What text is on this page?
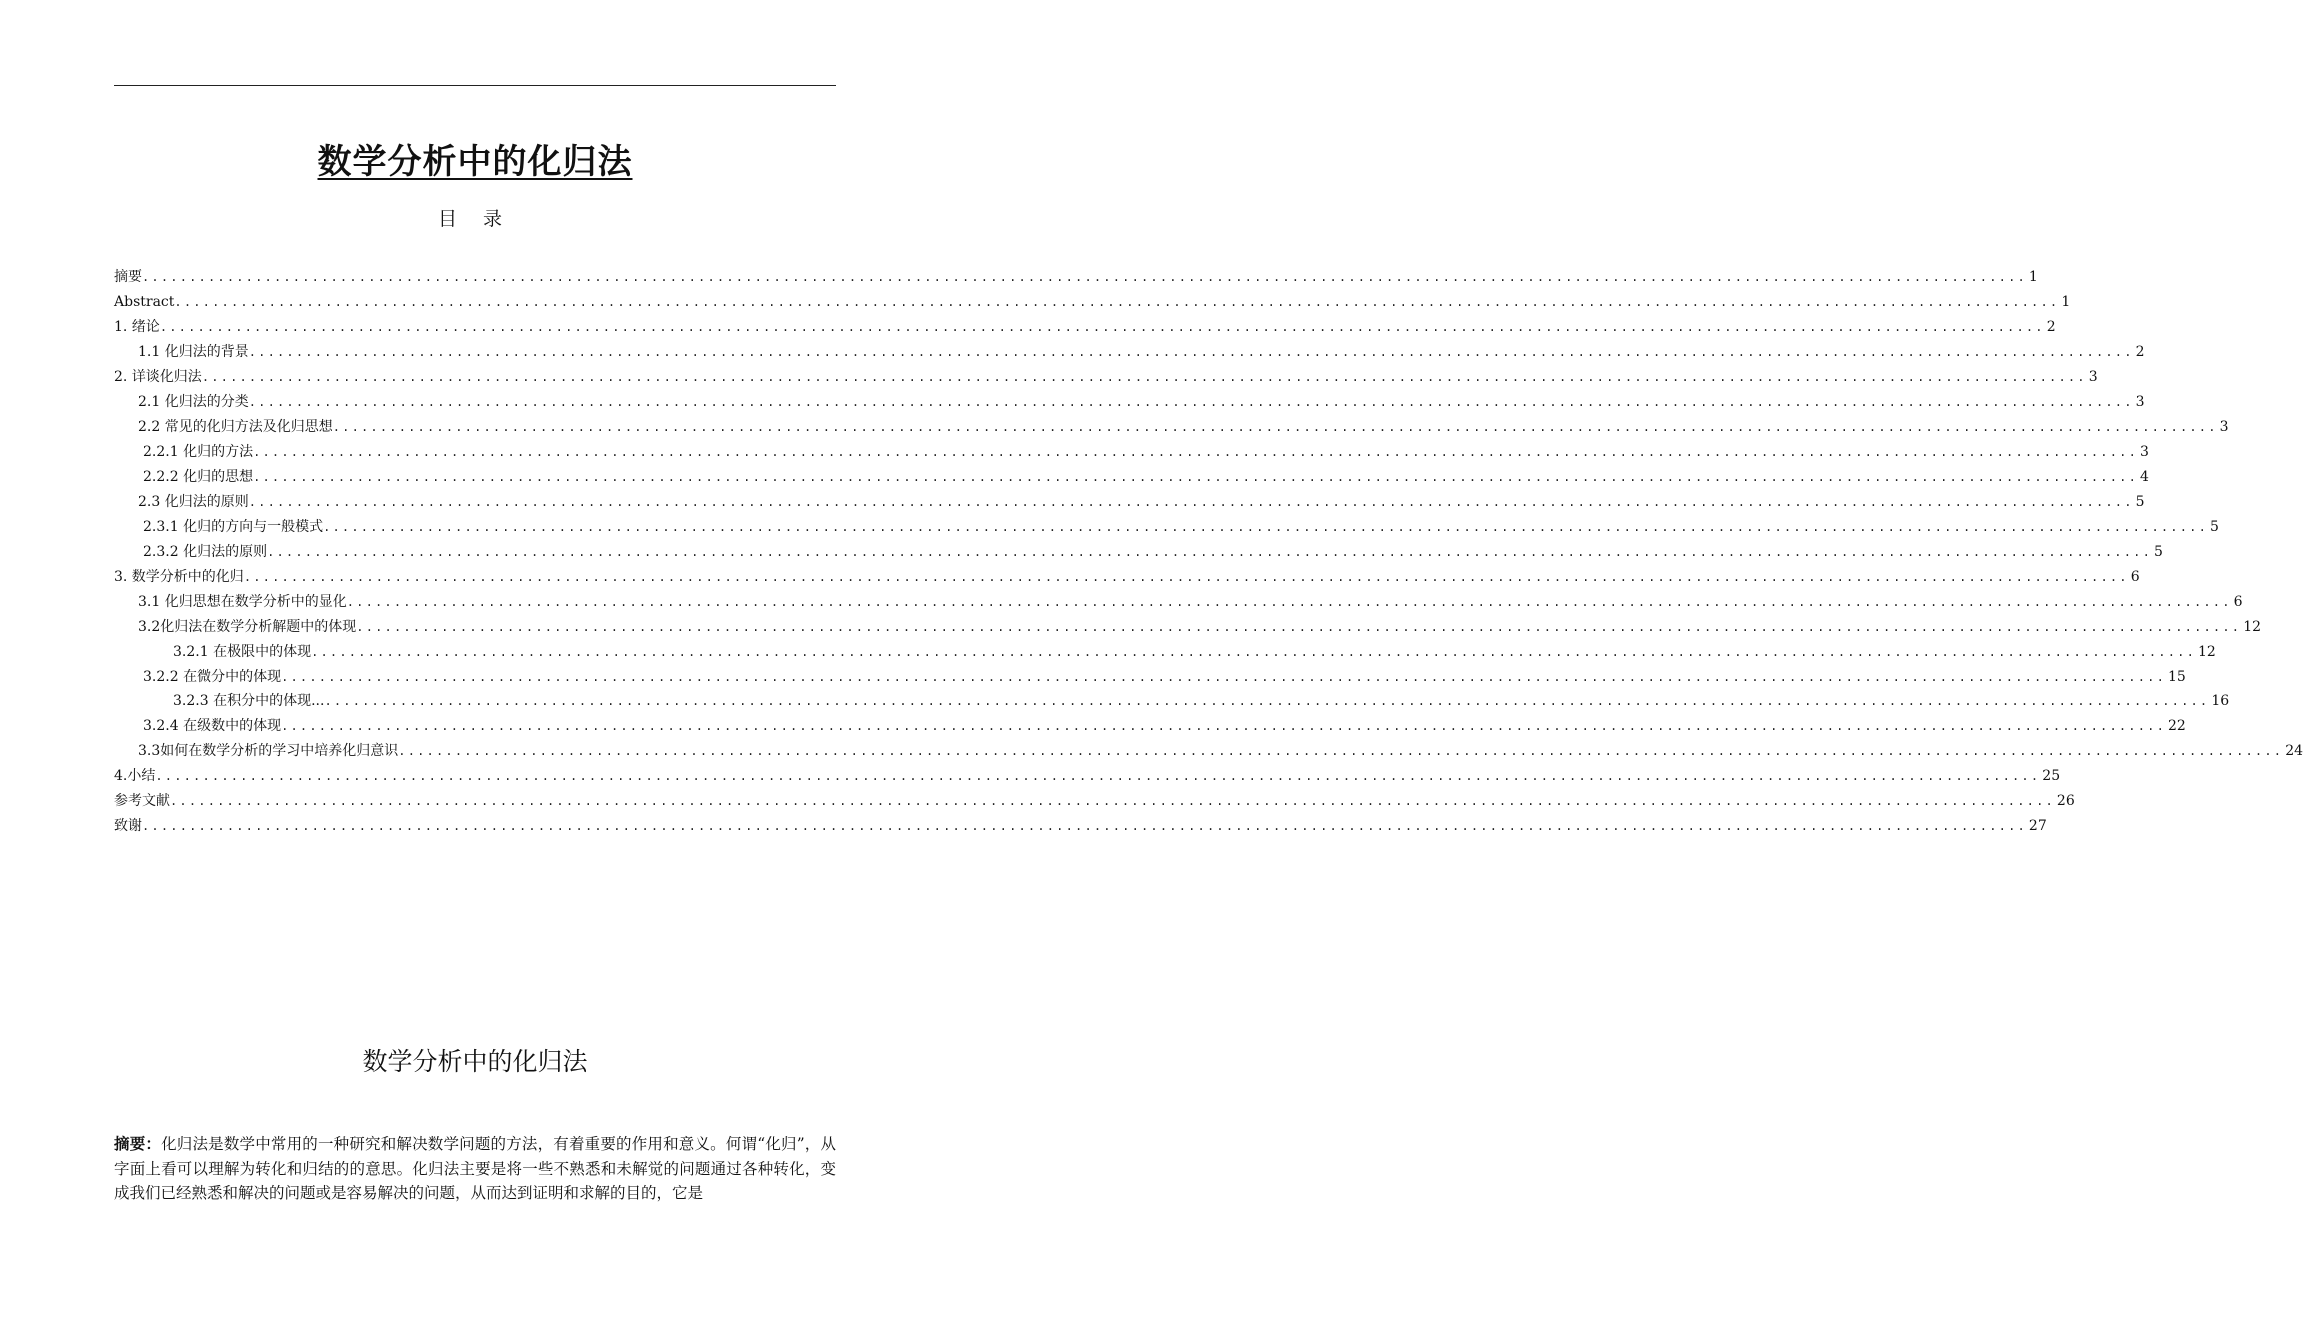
数学分析中的化归法
目 录
摘要 ........................................................................................................................................................................................................ 1
Abstract ........................................................................................................................................................................................................ 1
1. 绪论 ........................................................................................................................................................................................................ 2
1.1 化归法的背景 ........................................................................................................................................................................................................ 2
2. 详谈化归法 ........................................................................................................................................................................................................ 3
2.1 化归法的分类 ........................................................................................................................................................................................................ 3
2.2 常见的化归方法及化归思想 ........................................................................................................................................................................................................ 3
2.2.1 化归的方法 ........................................................................................................................................................................................................ 3
2.2.2 化归的思想 ........................................................................................................................................................................................................ 4
2.3 化归法的原则 ........................................................................................................................................................................................................ 5
2.3.1 化归的方向与一般模式 ........................................................................................................................................................................................................ 5
2.3.2 化归法的原则 ........................................................................................................................................................................................................ 5
3. 数学分析中的化归 ........................................................................................................................................................................................................ 6
3.1 化归思想在数学分析中的显化 ........................................................................................................................................................................................................ 6
3.2化归法在数学分析解题中的体现 ........................................................................................................................................................................................................ 12
3.2.1 在极限中的体现 ........................................................................................................................................................................................................ 12
3.2.2 在微分中的体现 ........................................................................................................................................................................................................ 15
3.2.3 在积分中的体现... ........................................................................................................................................................................................................ 16
3.2.4 在级数中的体现 ........................................................................................................................................................................................................ 22
3.3如何在数学分析的学习中培养化归意识 ........................................................................................................................................................................................................ 24
4.小结 ........................................................................................................................................................................................................ 25
参考文献 ........................................................................................................................................................................................................ 26
致谢 ........................................................................................................................................................................................................ 27
数学分析中的化归法
摘要：化归法是数学中常用的一种研究和解决数学问题的方法，有着重要的作用和意义。何谓“化归”，从字面上看可以理解为转化和归结的的意思。化归法主要是将一些不熟悉和未解觉的问题通过各种转化，变成我们已经熟悉和解决的问题或是容易解决的问题，从而达到证明和求解的目的，它是
